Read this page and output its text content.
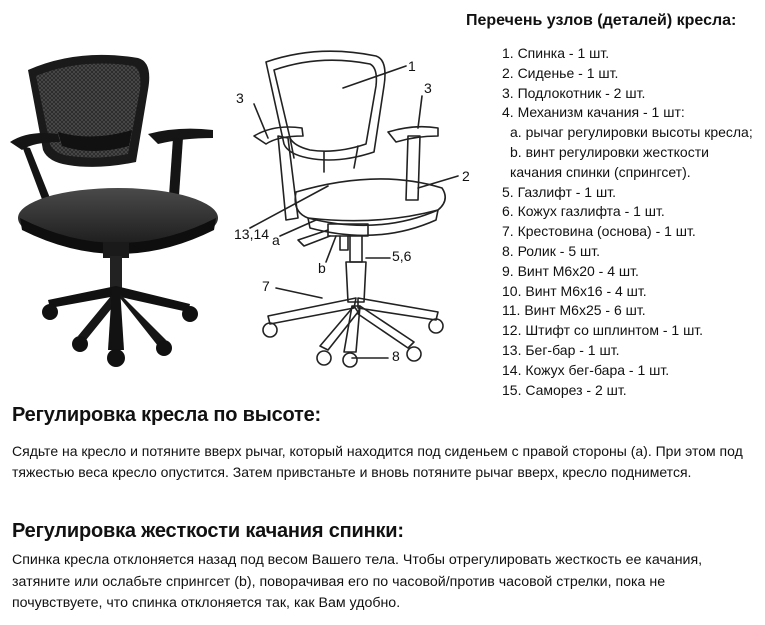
Перечень узлов (деталей) кресла:
1. Спинка - 1 шт.
2. Сиденье - 1 шт.
3. Подлокотник - 2 шт.
4. Механизм качания - 1 шт:
a. рычаг регулировки высоты кресла;
b. винт регулировки жесткости качания спинки (спрингсет).
5. Газлифт - 1 шт.
6. Кожух газлифта - 1 шт.
7. Крестовина (основа) - 1 шт.
8. Ролик - 5 шт.
9. Винт М6х20 - 4 шт.
10. Винт М6х16 - 4 шт.
11. Винт М6х25 - 6 шт.
12. Штифт со шплинтом - 1 шт.
13. Бег-бар - 1 шт.
14. Кожух бег-бара - 1 шт.
15. Саморез - 2 шт.
1
2
3
3
13,14 a
b
5,6
7
8
Регулировка кресла по высоте:

Сядьте на кресло и потяните вверх рычаг, который находится под сиденьем с правой стороны (a). При этом под тяжестью веса кресло опустится. Затем привстаньте и вновь потяните рычаг вверх, кресло поднимется.

Регулировка жесткости качания спинки:

Спинка кресла отклоняется назад под весом Вашего тела. Чтобы отрегулировать жесткость ее качания, затяните или ослабьте спрингсет (b), поворачивая его по часовой/против часовой стрелки, пока не почувствуете, что спинка отклоняется так, как Вам удобно.
